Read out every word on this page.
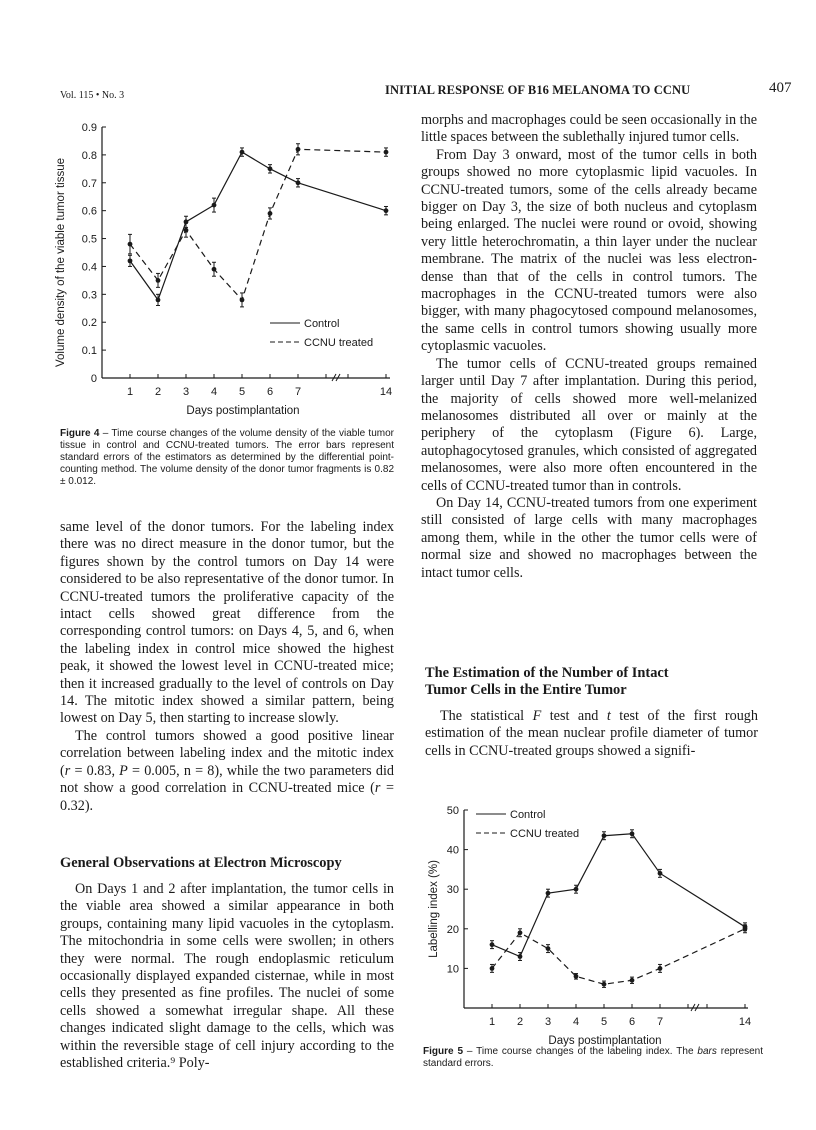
Vol. 115 • No. 3	INITIAL RESPONSE OF B16 MELANOMA TO CCNU	407
0
0.1
0.2
0.3
0.4
0.5
0.6
0.7
0.8
0.9
1 2 3 4 5 6 7	14
Days postimplantation
Volume density of the viable tumor tissue	Control
CCNU treated
Figure 4 – Time course changes of the volume density of the viable tumor tissue in control and CCNU-treated tumors. The error bars represent standard errors of the estimators as determined by the differential point-counting method. The volume density of the donor tumor fragments is 0.82 ± 0.012.

same level of the donor tumors. For the labeling index there was no direct measure in the donor tumor, but the figures shown by the control tumors on Day 14 were considered to be also representative of the donor tumor. In CCNU-treated tumors the proliferative capacity of the intact cells showed great difference from the corresponding control tumors: on Days 4, 5, and 6, when the labeling index in control mice showed the highest peak, it showed the lowest level in CCNU-treated mice; then it increased gradually to the level of controls on Day 14. The mitotic index showed a similar pattern, being lowest on Day 5, then starting to increase slowly.

The control tumors showed a good positive linear correlation between labeling index and the mitotic index (r = 0.83, P = 0.005, n = 8), while the two parameters did not show a good correlation in CCNU-treated mice (r = 0.32).

General Observations at Electron Microscopy

On Days 1 and 2 after implantation, the tumor cells in the viable area showed a similar appearance in both groups, containing many lipid vacuoles in the cytoplasm. The mitochondria in some cells were swollen; in others they were normal. The rough endoplasmic reticulum occasionally displayed expanded cisternae, while in most cells they presented as fine profiles. The nuclei of some cells showed a somewhat irregular shape. All these changes indicated slight damage to the cells, which was within the reversible stage of cell injury according to the established criteria.⁹ Poly-

morphs and macrophages could be seen occasionally in the little spaces between the sublethally injured tumor cells.

From Day 3 onward, most of the tumor cells in both groups showed no more cytoplasmic lipid vacuoles. In CCNU-treated tumors, some of the cells already became bigger on Day 3, the size of both nucleus and cytoplasm being enlarged. The nuclei were round or ovoid, showing very little heterochromatin, a thin layer under the nuclear membrane. The matrix of the nuclei was less electron-dense than that of the cells in control tumors. The macrophages in the CCNU-treated tumors were also bigger, with many phagocytosed compound melanosomes, the same cells in control tumors showing usually more cytoplasmic vacuoles.

The tumor cells of CCNU-treated groups remained larger until Day 7 after implantation. During this period, the majority of cells showed more well-melanized melanosomes distributed all over or mainly at the periphery of the cytoplasm (Figure 6). Large, autophagocytosed granules, which consisted of aggregated melanosomes, were also more often encountered in the cells of CCNU-treated tumor than in controls.

On Day 14, CCNU-treated tumors from one experiment still consisted of large cells with many macrophages among them, while in the other the tumor cells were of normal size and showed no macrophages between the intact tumor cells.

The Estimation of the Number of Intact
Tumor Cells in the Entire Tumor

The statistical F test and t test of the first rough estimation of the mean nuclear profile diameter of tumor cells in CCNU-treated groups showed a signifi-

10
20
30
40
50
1 2 3 4 5 6 7	14
Days postimplantation
Labelling index (%)
Control
CCNU treated
Figure 5 – Time course changes of the labeling index. The bars represent standard errors.
